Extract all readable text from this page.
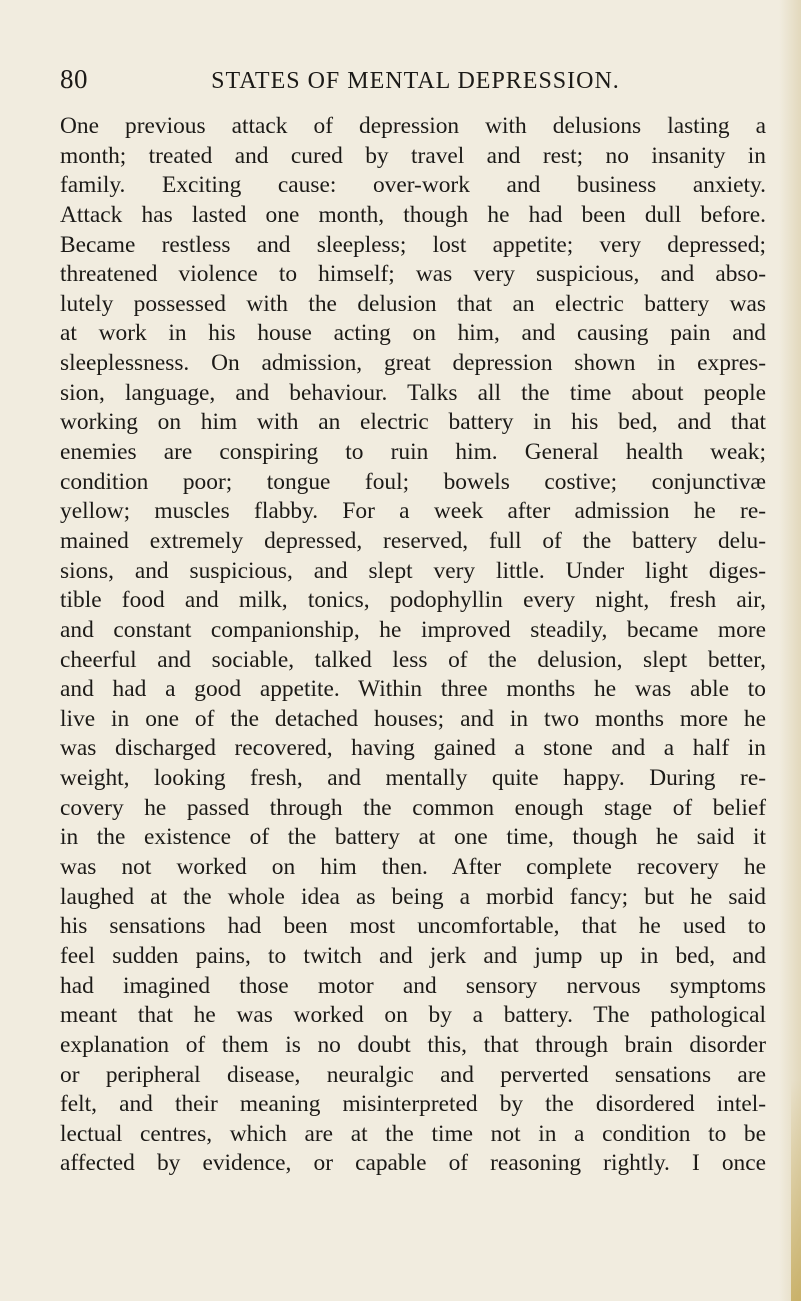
80	STATES OF MENTAL DEPRESSION.
One previous attack of depression with delusions lasting a
month; treated and cured by travel and rest; no insanity in
family. Exciting cause: over-work and business anxiety.
Attack has lasted one month, though he had been dull before.
Became restless and sleepless; lost appetite; very depressed;
threatened violence to himself; was very suspicious, and abso-
lutely possessed with the delusion that an electric battery was
at work in his house acting on him, and causing pain and
sleeplessness. On admission, great depression shown in expres-
sion, language, and behaviour. Talks all the time about people
working on him with an electric battery in his bed, and that
enemies are conspiring to ruin him. General health weak;
condition poor; tongue foul; bowels costive; conjunctivæ
yellow; muscles flabby. For a week after admission he re-
mained extremely depressed, reserved, full of the battery delu-
sions, and suspicious, and slept very little. Under light diges-
tible food and milk, tonics, podophyllin every night, fresh air,
and constant companionship, he improved steadily, became more
cheerful and sociable, talked less of the delusion, slept better,
and had a good appetite. Within three months he was able to
live in one of the detached houses; and in two months more he
was discharged recovered, having gained a stone and a half in
weight, looking fresh, and mentally quite happy. During re-
covery he passed through the common enough stage of belief
in the existence of the battery at one time, though he said it
was not worked on him then. After complete recovery he
laughed at the whole idea as being a morbid fancy; but he said
his sensations had been most uncomfortable, that he used to
feel sudden pains, to twitch and jerk and jump up in bed, and
had imagined those motor and sensory nervous symptoms
meant that he was worked on by a battery. The pathological
explanation of them is no doubt this, that through brain disorder
or peripheral disease, neuralgic and perverted sensations are
felt, and their meaning misinterpreted by the disordered intel-
lectual centres, which are at the time not in a condition to be
affected by evidence, or capable of reasoning rightly. I once
